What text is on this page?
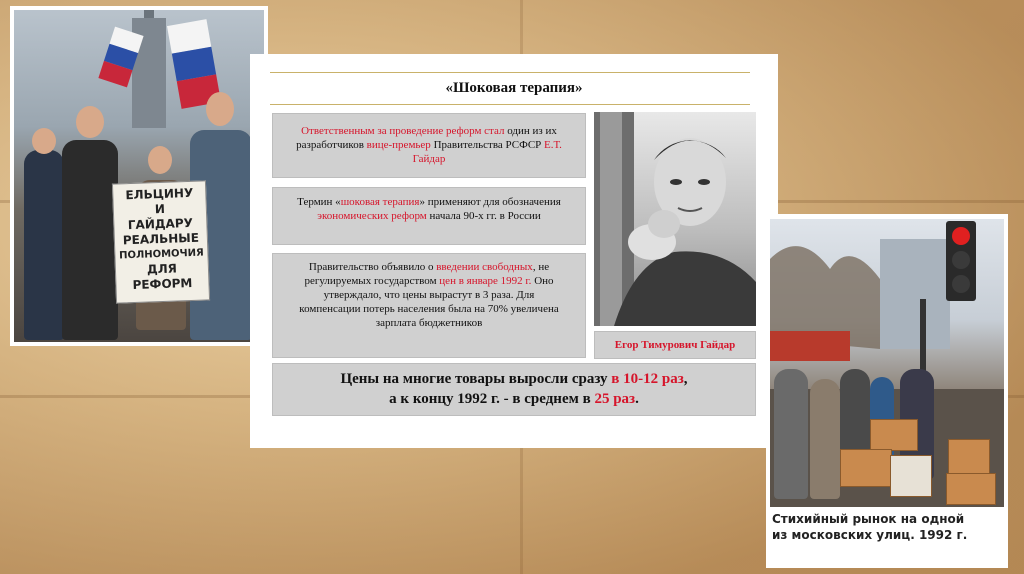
ЕЛЬЦИНУ
И
ГАЙДАРУ
РЕАЛЬНЫЕ
ПОЛНОМОЧИЯ
ДЛЯ
РЕФОРМ
«Шоковая терапия»
Ответственным за проведение реформ стал один из их разработчиков вице-премьер Правительства РСФСР Е.Т. Гайдар
Термин «шоковая терапия» применяют для обозначения экономических реформ начала 90-х гг. в России
Правительство объявило о введении свободных, не регулируемых государством цен в январе 1992 г. Оно утверждало, что цены вырастут в 3 раза. Для компенсации потерь населения была на 70% увеличена зарплата бюджетников
Егор Тимурович Гайдар
Цены на многие товары выросли сразу в 10-12 раз,
а к концу 1992 г. - в среднем в 25 раз.
Стихийный рынок на одной
из московских улиц. 1992 г.
